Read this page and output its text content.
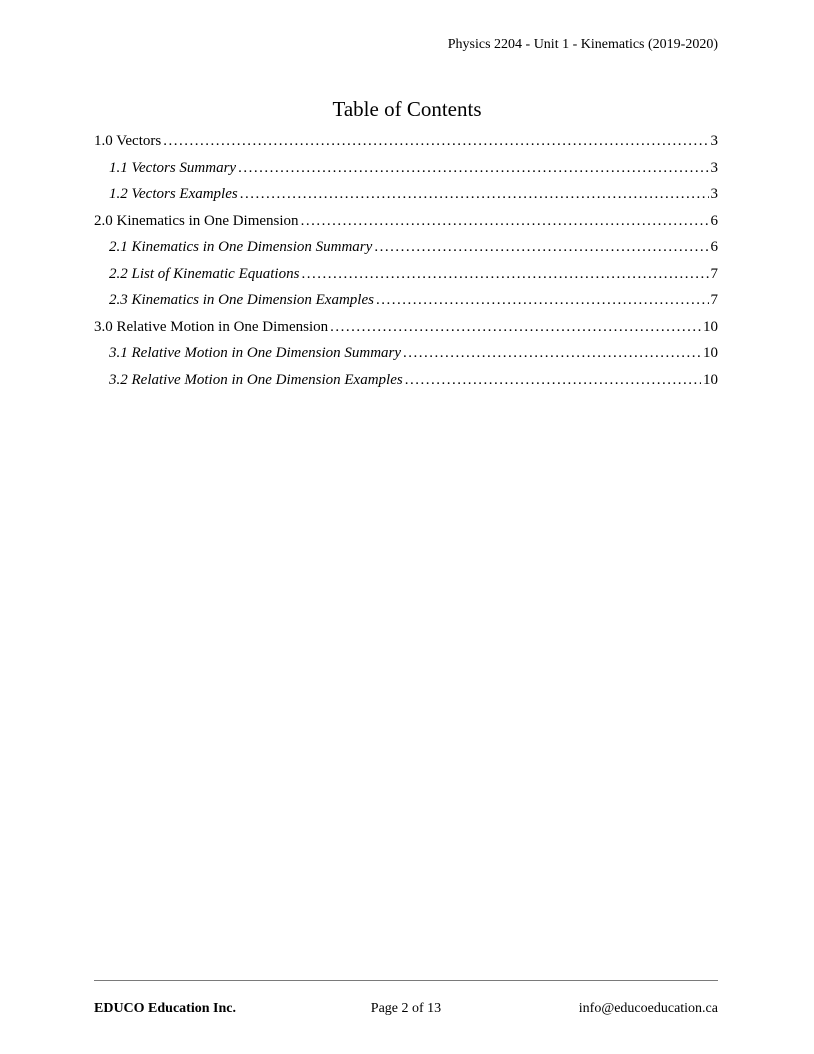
Physics 2204 - Unit 1 - Kinematics (2019-2020)
Table of Contents
1.0 Vectors .....	3
1.1 Vectors Summary .....	3
1.2 Vectors Examples .....	3
2.0 Kinematics in One Dimension .....	6
2.1 Kinematics in One Dimension Summary .....	6
2.2 List of Kinematic Equations .....	7
2.3 Kinematics in One Dimension Examples .....	7
3.0 Relative Motion in One Dimension .....	10
3.1 Relative Motion in One Dimension Summary .....	10
3.2 Relative Motion in One Dimension Examples .....	10
EDUCO Education Inc.	Page 2 of 13	info@educoeducation.ca
